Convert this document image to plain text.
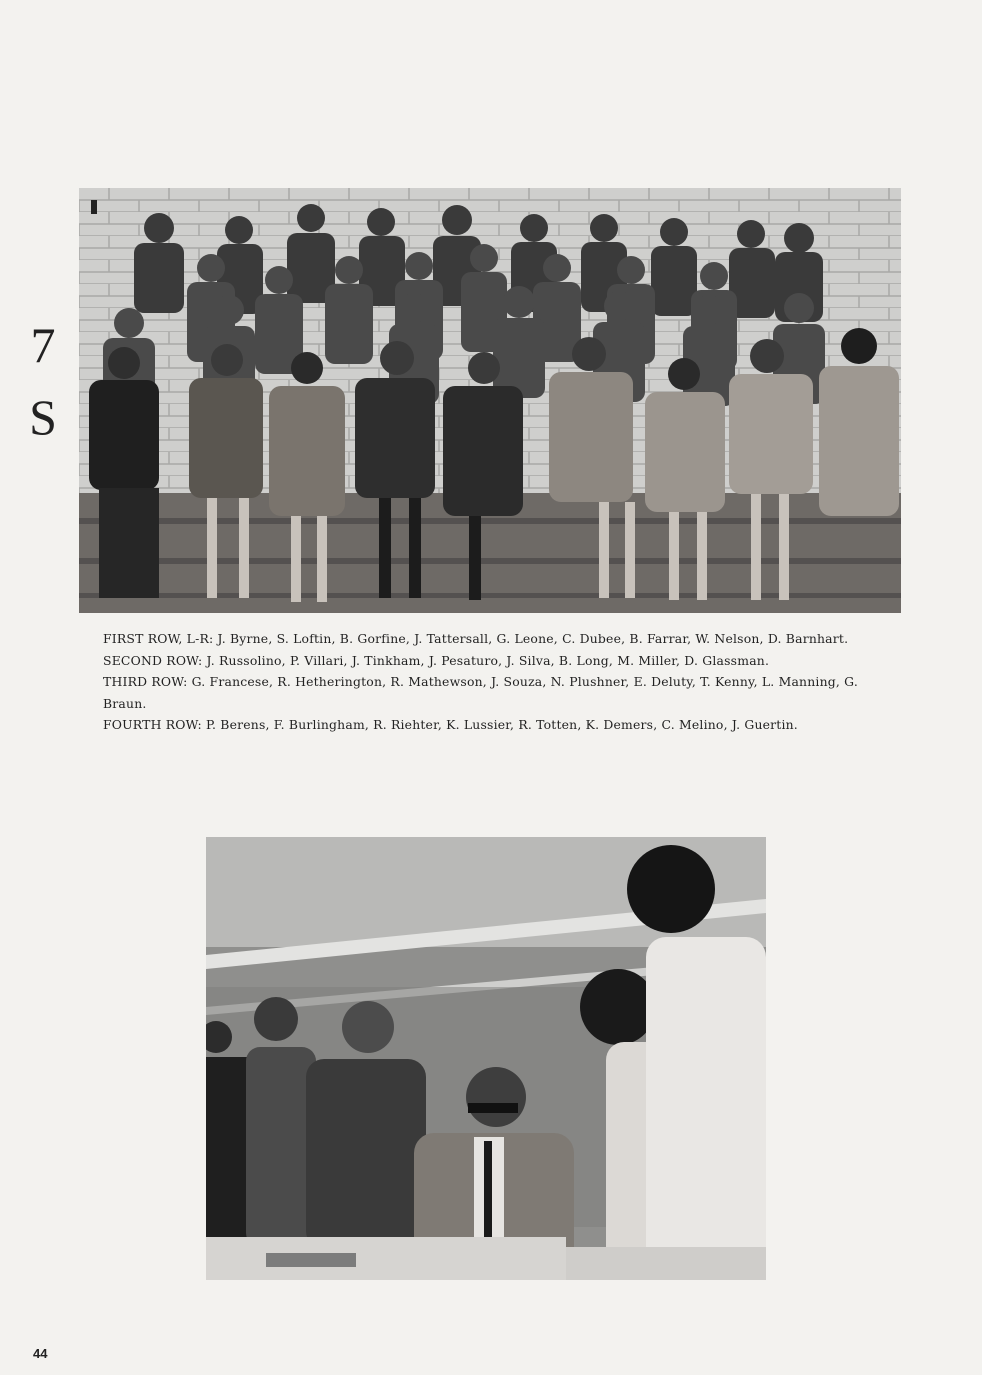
7
S

FIRST ROW, L-R: J. Byrne, S. Loftin, B. Gorfine, J. Tattersall, G. Leone, C. Dubee, B. Farrar, W. Nelson, D. Barnhart.

SECOND ROW: J. Russolino, P. Villari, J. Tinkham, J. Pesaturo, J. Silva, B. Long, M. Miller, D. Glassman.

THIRD ROW: G. Francese, R. Hetherington, R. Mathewson, J. Souza, N. Plushner, E. Deluty, T. Kenny, L. Manning, G. Braun.

FOURTH ROW: P. Berens, F. Burlingham, R. Riehter, K. Lussier, R. Totten, K. Demers, C. Melino, J. Guertin.

44
